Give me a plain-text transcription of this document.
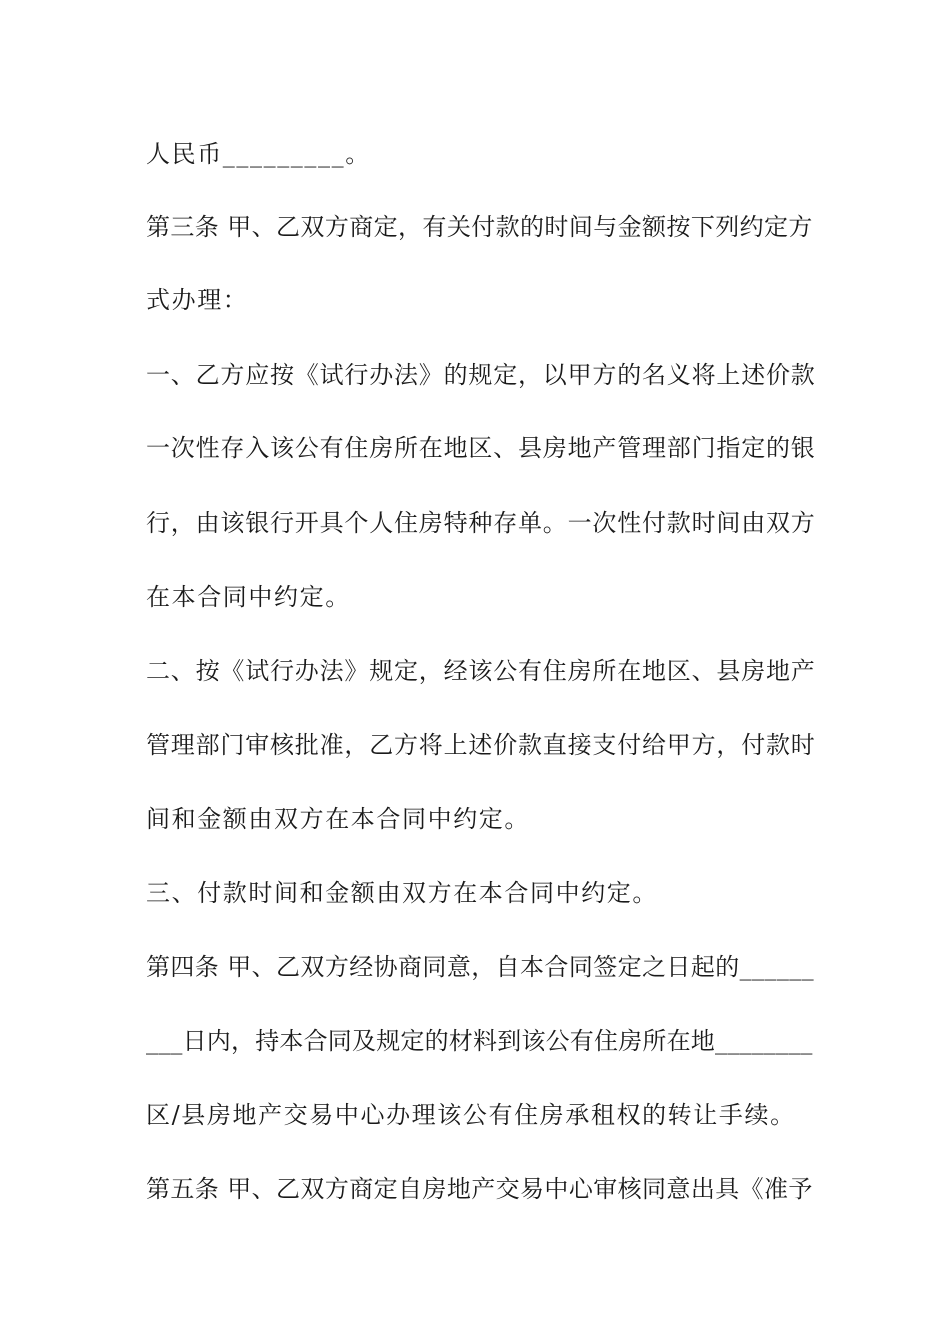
人民币_________。
第三条 甲、乙双方商定，有关付款的时间与金额按下列约定方
式办理：
一、乙方应按《试行办法》的规定，以甲方的名义将上述价款
一次性存入该公有住房所在地区、县房地产管理部门指定的银
行，由该银行开具个人住房特种存单。一次性付款时间由双方
在本合同中约定。
二、按《试行办法》规定，经该公有住房所在地区、县房地产
管理部门审核批准，乙方将上述价款直接支付给甲方，付款时
间和金额由双方在本合同中约定。
三、付款时间和金额由双方在本合同中约定。
第四条 甲、乙双方经协商同意，自本合同签定之日起的______
___日内，持本合同及规定的材料到该公有住房所在地________
区/县房地产交易中心办理该公有住房承租权的转让手续。
第五条 甲、乙双方商定自房地产交易中心审核同意出具《准予
